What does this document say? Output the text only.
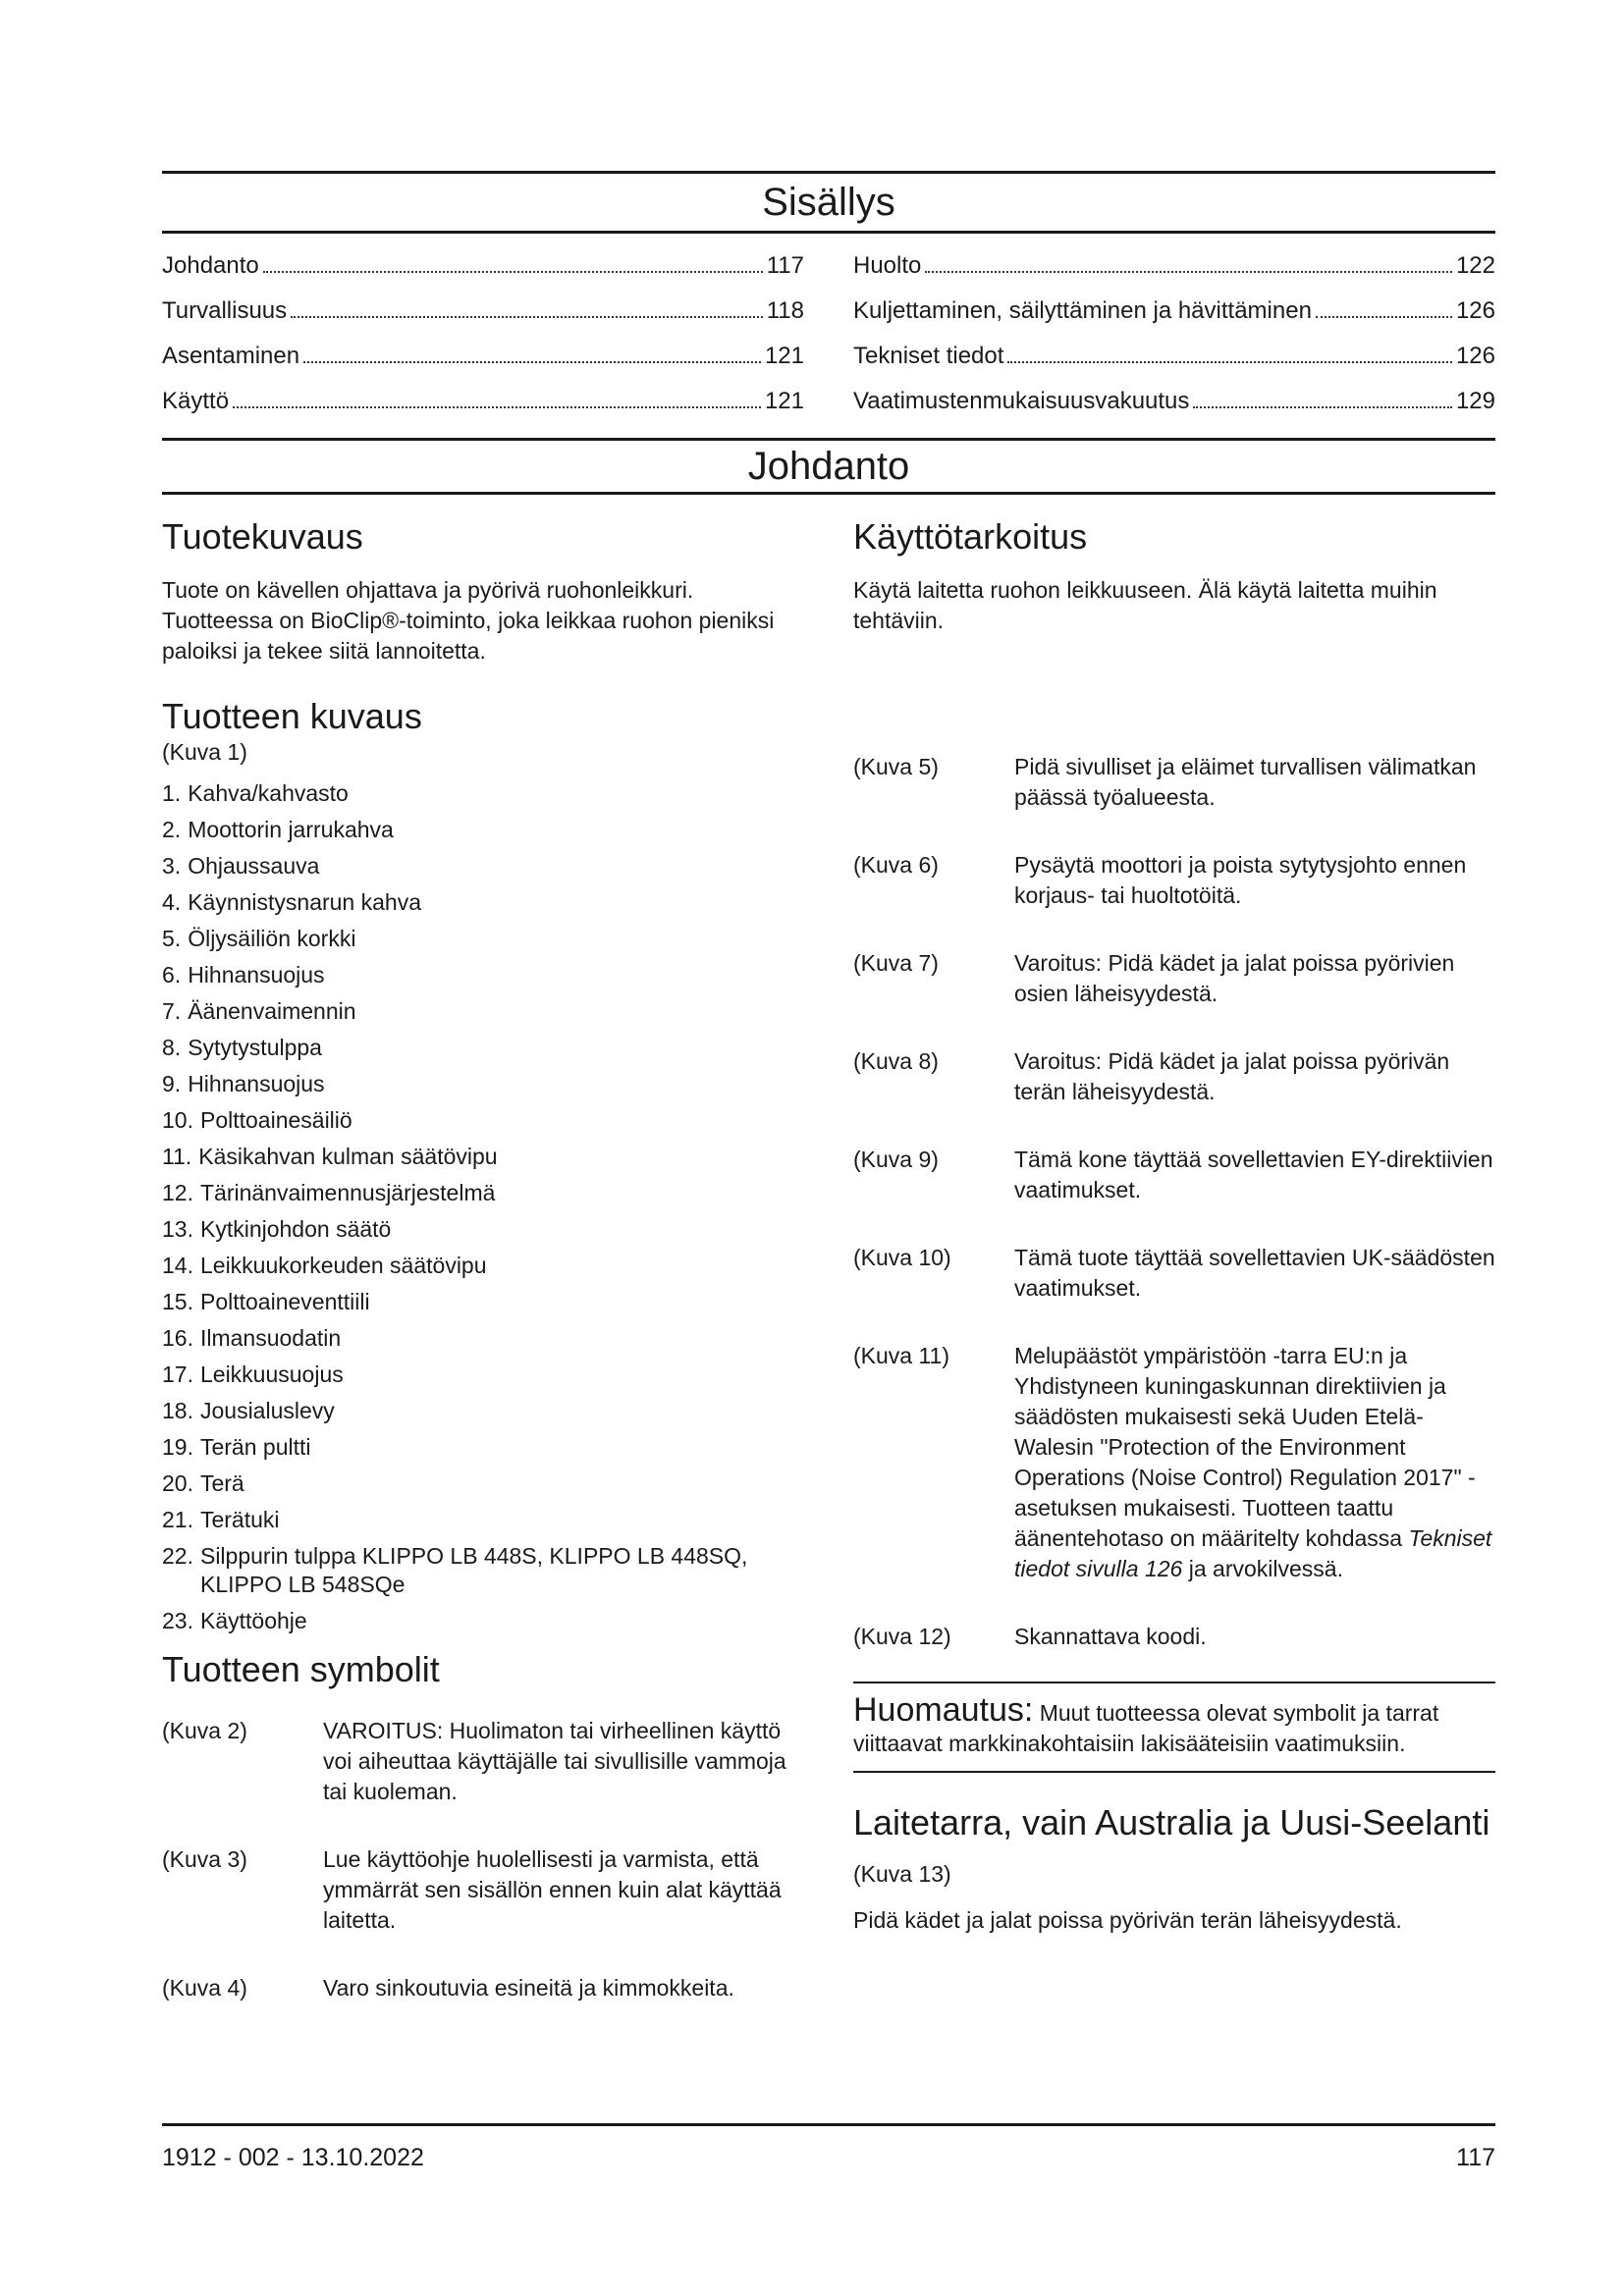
Sisällys
Johdanto	117
Turvallisuus	118
Asentaminen	121
Käyttö	121
Huolto	122
Kuljettaminen, säilyttäminen ja hävittäminen	126
Tekniset tiedot	126
Vaatimustenmukaisuusvakuutus	129
Johdanto
Tuotekuvaus

Tuote on kävellen ohjattava ja pyörivä ruohonleikkuri. Tuotteessa on BioClip®-toiminto, joka leikkaa ruohon pieniksi paloiksi ja tekee siitä lannoitetta.

Tuotteen kuvaus

(Kuva 1)

1. Kahva/kahvasto
2. Moottorin jarrukahva
3. Ohjaussauva
4. Käynnistysnarun kahva
5. Öljysäiliön korkki
6. Hihnansuojus
7. Äänenvaimennin
8. Sytytystulppa
9. Hihnansuojus
10. Polttoainesäiliö
11. Käsikahvan kulman säätövipu
12. Tärinänvaimennusjärjestelmä
13. Kytkinjohdon säätö
14. Leikkuukorkeuden säätövipu
15. Polttoaineventtiili
16. Ilmansuodatin
17. Leikkuusuojus
18. Jousialuslevy
19. Terän pultti
20. Terä
21. Terätuki
22. Silppurin tulppa KLIPPO LB 448S, KLIPPO LB 448SQ, KLIPPO LB 548SQe
23. Käyttöohje
Tuotteen symbolit
(Kuva 2)	VAROITUS: Huolimaton tai virheellinen käyttö voi aiheuttaa käyttäjälle tai sivullisille vammoja tai kuoleman.
(Kuva 3)	Lue käyttöohje huolellisesti ja varmista, että ymmärrät sen sisällön ennen kuin alat käyttää laitetta.
(Kuva 4)	Varo sinkoutuvia esineitä ja kimmokkeita.
Käyttötarkoitus

Käytä laitetta ruohon leikkuuseen. Älä käytä laitetta muihin tehtäviin.

(Kuva 5)	Pidä sivulliset ja eläimet turvallisen välimatkan päässä työalueesta.
(Kuva 6)	Pysäytä moottori ja poista sytytysjohto ennen korjaus- tai huoltotöitä.
(Kuva 7)	Varoitus: Pidä kädet ja jalat poissa pyörivien osien läheisyydestä.
(Kuva 8)	Varoitus: Pidä kädet ja jalat poissa pyörivän terän läheisyydestä.
(Kuva 9)	Tämä kone täyttää sovellettavien EY-direktiivien vaatimukset.
(Kuva 10)	Tämä tuote täyttää sovellettavien UK-säädösten vaatimukset.
(Kuva 11)	Melupäästöt ympäristöön -tarra EU:n ja Yhdistyneen kuningaskunnan direktiivien ja säädösten mukaisesti sekä Uuden Etelä-Walesin "Protection of the Environment Operations (Noise Control) Regulation 2017" -asetuksen mukaisesti. Tuotteen taattu äänentehotaso on määritelty kohdassa Tekniset tiedot sivulla 126 ja arvokilvessä.
(Kuva 12)	Skannattava koodi.

Huomautus: Muut tuotteessa olevat symbolit ja tarrat viittaavat markkinakohtaisiin lakisääteisiin vaatimuksiin.

Laitetarra, vain Australia ja Uusi-Seelanti

(Kuva 13)

Pidä kädet ja jalat poissa pyörivän terän läheisyydestä.

1912 - 002 - 13.10.2022	117
